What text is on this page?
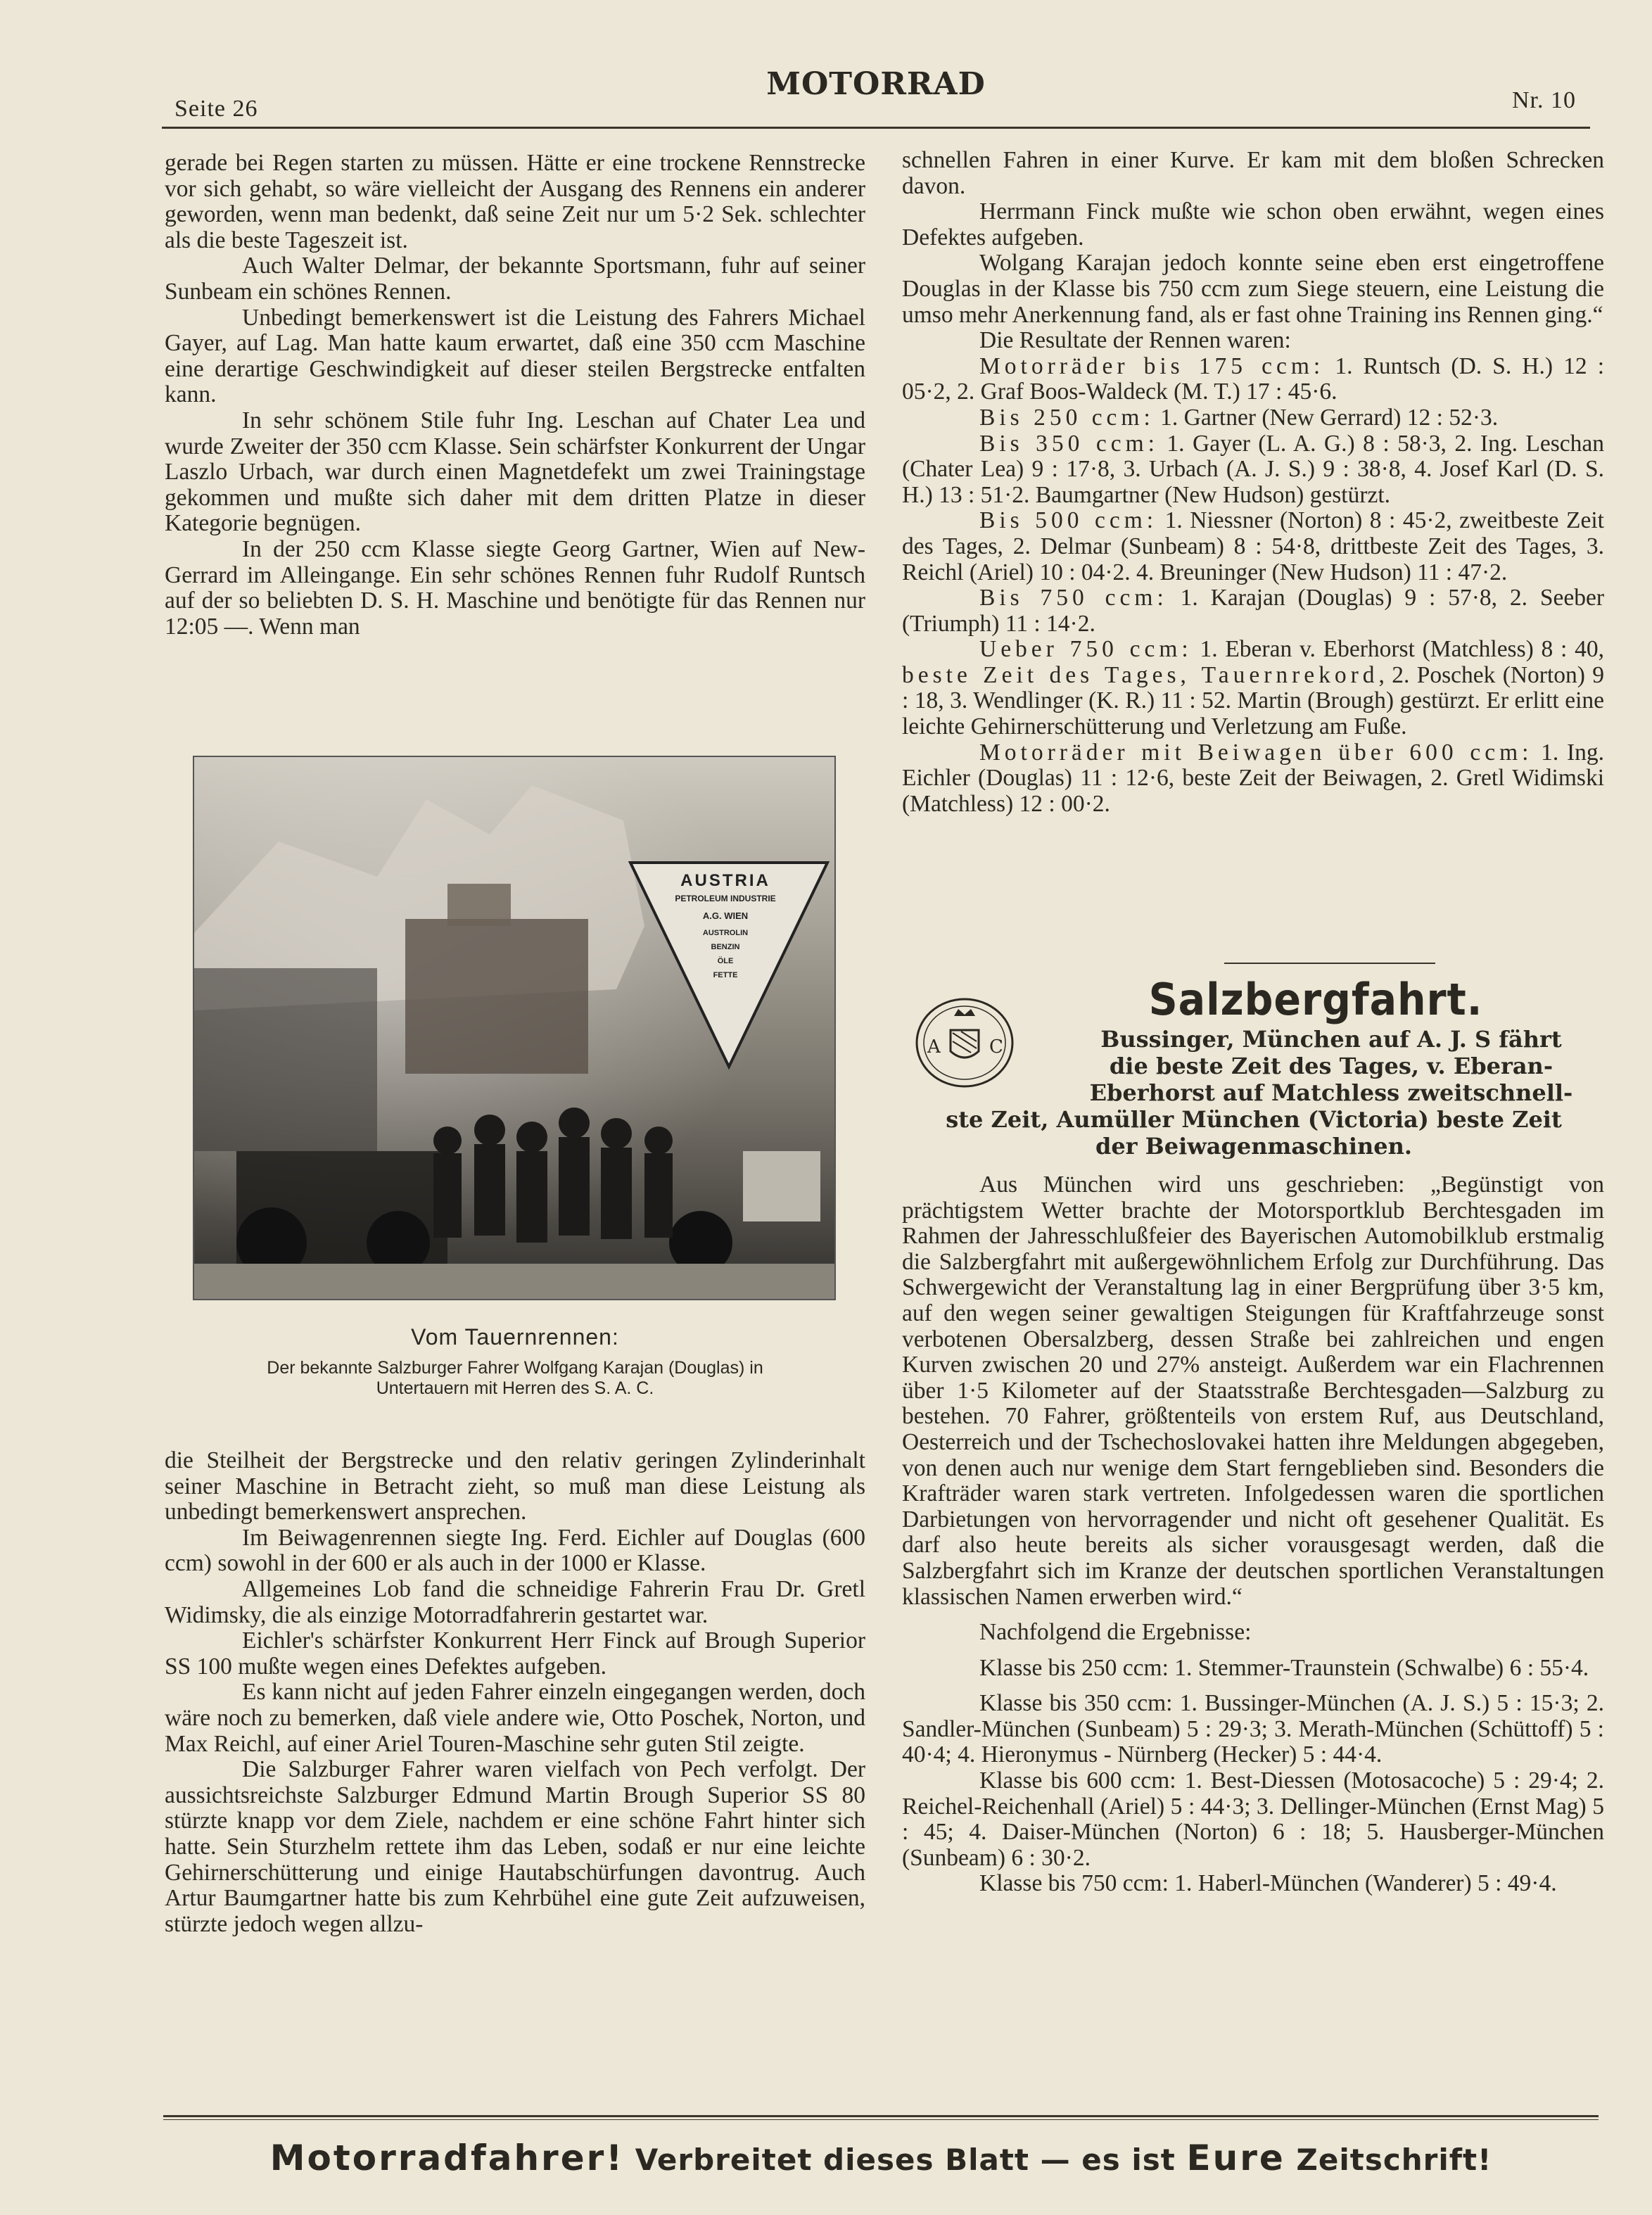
Seite 26
MOTORRAD	Nr. 10

gerade bei Regen starten zu müssen. Hätte er eine trockene Rennstrecke vor sich gehabt, so wäre vielleicht der Ausgang des Rennens ein anderer geworden, wenn man bedenkt, daß seine Zeit nur um 5·2 Sek. schlechter als die beste Tageszeit ist.

Auch Walter Delmar, der bekannte Sportsmann, fuhr auf seiner Sunbeam ein schönes Rennen.

Unbedingt bemerkenswert ist die Leistung des Fahrers Michael Gayer, auf Lag. Man hatte kaum erwartet, daß eine 350 ccm Maschine eine derartige Geschwindigkeit auf dieser steilen Bergstrecke entfalten kann.

In sehr schönem Stile fuhr Ing. Leschan auf Chater Lea und wurde Zweiter der 350 ccm Klasse. Sein schärfster Konkurrent der Ungar Laszlo Urbach, war durch einen Magnetdefekt um zwei Trainingstage gekommen und mußte sich daher mit dem dritten Platze in dieser Kategorie begnügen.

In der 250 ccm Klasse siegte Georg Gartner, Wien auf New-Gerrard im Alleingange. Ein sehr schönes Rennen fuhr Rudolf Runtsch auf der so beliebten D. S. H. Maschine und benötigte für das Rennen nur 12:05 —. Wenn man

AUSTRIA
PETROLEUM INDUSTRIE
A.G. WIEN
AUSTROLIN
BENZIN
ÖLE
FETTE
Vom Tauernrennen:
Der bekannte Salzburger Fahrer Wolfgang Karajan (Douglas) in
Untertauern mit Herren des S. A. C.

die Steilheit der Bergstrecke und den relativ geringen Zylinderinhalt seiner Maschine in Betracht zieht, so muß man diese Leistung als unbedingt bemerkenswert ansprechen.

Im Beiwagenrennen siegte Ing. Ferd. Eichler auf Douglas (600 ccm) sowohl in der 600 er als auch in der 1000 er Klasse.

Allgemeines Lob fand die schneidige Fahrerin Frau Dr. Gretl Widimsky, die als einzige Motorradfahrerin gestartet war.

Eichler's schärfster Konkurrent Herr Finck auf Brough Superior SS 100 mußte wegen eines Defektes aufgeben.

Es kann nicht auf jeden Fahrer einzeln eingegangen werden, doch wäre noch zu bemerken, daß viele andere wie, Otto Poschek, Norton, und Max Reichl, auf einer Ariel Touren-Maschine sehr guten Stil zeigte.

Die Salzburger Fahrer waren vielfach von Pech verfolgt. Der aussichtsreichste Salzburger Edmund Martin Brough Superior SS 80 stürzte knapp vor dem Ziele, nachdem er eine schöne Fahrt hinter sich hatte. Sein Sturzhelm rettete ihm das Leben, sodaß er nur eine leichte Gehirnerschütterung und einige Hautabschürfungen davontrug. Auch Artur Baumgartner hatte bis zum Kehrbühel eine gute Zeit aufzuweisen, stürzte jedoch wegen allzu-

schnellen Fahren in einer Kurve. Er kam mit dem bloßen Schrecken davon.

Herrmann Finck mußte wie schon oben erwähnt, wegen eines Defektes aufgeben.

Wolgang Karajan jedoch konnte seine eben erst eingetroffene Douglas in der Klasse bis 750 ccm zum Siege steuern, eine Leistung die umso mehr Anerkennung fand, als er fast ohne Training ins Rennen ging.“

Die Resultate der Rennen waren:

Motorräder bis 175 ccm: 1. Runtsch (D. S. H.) 12 : 05·2, 2. Graf Boos-Waldeck (M. T.) 17 : 45·6.

Bis 250 ccm: 1. Gartner (New Gerrard) 12 : 52·3.

Bis 350 ccm: 1. Gayer (L. A. G.) 8 : 58·3, 2. Ing. Leschan (Chater Lea) 9 : 17·8, 3. Urbach (A. J. S.) 9 : 38·8, 4. Josef Karl (D. S. H.) 13 : 51·2. Baumgartner (New Hudson) gestürzt.

Bis 500 ccm: 1. Niessner (Norton) 8 : 45·2, zweitbeste Zeit des Tages, 2. Delmar (Sunbeam) 8 : 54·8, drittbeste Zeit des Tages, 3. Reichl (Ariel) 10 : 04·2. 4. Breuninger (New Hudson) 11 : 47·2.

Bis 750 ccm: 1. Karajan (Douglas) 9 : 57·8, 2. Seeber (Triumph) 11 : 14·2.

Ueber 750 ccm: 1. Eberan v. Eberhorst (Matchless) 8 : 40, beste Zeit des Tages, Tauernrekord, 2. Poschek (Norton) 9 : 18, 3. Wendlinger (K. R.) 11 : 52. Martin (Brough) gestürzt. Er erlitt eine leichte Gehirnerschütterung und Verletzung am Fuße.

Motorräder mit Beiwagen über 600 ccm: 1. Ing. Eichler (Douglas) 11 : 12·6, beste Zeit der Beiwagen, 2. Gretl Widimski (Matchless) 12 : 00·2.

A	C
Salzbergfahrt.
Bussinger, München auf A. J. S fährt
die beste Zeit des Tages, v. Eberan-
Eberhorst auf Matchless zweitschnell-
ste Zeit, Aumüller München (Victoria) beste Zeit
der Beiwagenmaschinen.

Aus München wird uns geschrieben: „Begünstigt von prächtigstem Wetter brachte der Motorsportklub Berchtesgaden im Rahmen der Jahresschlußfeier des Bayerischen Automobilklub erstmalig die Salzbergfahrt mit außergewöhnlichem Erfolg zur Durchführung. Das Schwergewicht der Veranstaltung lag in einer Bergprüfung über 3·5 km, auf den wegen seiner gewaltigen Steigungen für Kraftfahrzeuge sonst verbotenen Obersalzberg, dessen Straße bei zahlreichen und engen Kurven zwischen 20 und 27% ansteigt. Außerdem war ein Flachrennen über 1·5 Kilometer auf der Staatsstraße Berchtesgaden—Salzburg zu bestehen. 70 Fahrer, größtenteils von erstem Ruf, aus Deutschland, Oesterreich und der Tschechoslovakei hatten ihre Meldungen abgegeben, von denen auch nur wenige dem Start ferngeblieben sind. Besonders die Krafträder waren stark vertreten. Infolgedessen waren die sportlichen Darbietungen von hervorragender und nicht oft gesehener Qualität. Es darf also heute bereits als sicher vorausgesagt werden, daß die Salzbergfahrt sich im Kranze der deutschen sportlichen Veranstaltungen klassischen Namen erwerben wird.“

Nachfolgend die Ergebnisse:

Klasse bis 250 ccm: 1. Stemmer-Traunstein (Schwalbe) 6 : 55·4.

Klasse bis 350 ccm: 1. Bussinger-München (A. J. S.) 5 : 15·3; 2. Sandler-München (Sunbeam) 5 : 29·3; 3. Merath-München (Schüttoff) 5 : 40·4; 4. Hieronymus - Nürnberg (Hecker) 5 : 44·4.

Klasse bis 600 ccm: 1. Best-Diessen (Motosacoche) 5 : 29·4; 2. Reichel-Reichenhall (Ariel) 5 : 44·3; 3. Dellinger-München (Ernst Mag) 5 : 45; 4. Daiser-München (Norton) 6 : 18; 5. Hausberger-München (Sunbeam) 6 : 30·2.

Klasse bis 750 ccm: 1. Haberl-München (Wanderer) 5 : 49·4.

Motorradfahrer! Verbreitet dieses Blatt — es ist Eure Zeitschrift!
